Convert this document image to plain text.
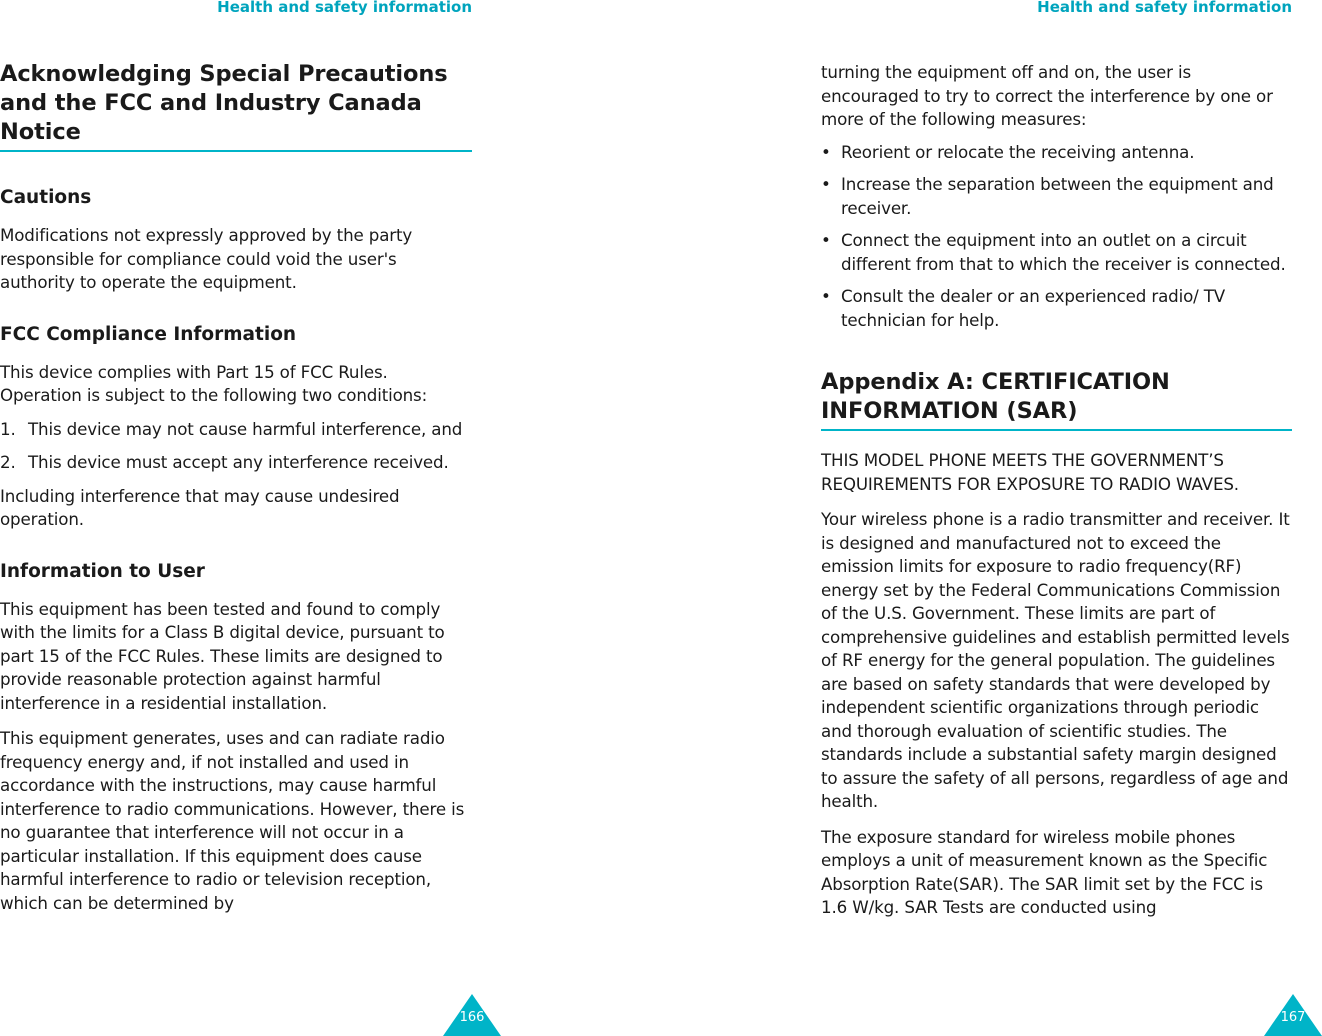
Health and safety information
Acknowledging Special Precautions and the FCC and Industry Canada Notice
Cautions

Modifications not expressly approved by the party responsible for compliance could void the user's authority to operate the equipment.

FCC Compliance Information

This device complies with Part 15 of FCC Rules. Operation is subject to the following two conditions:

1. This device may not cause harmful interference, and
2. This device must accept any interference received.

Including interference that may cause undesired operation.

Information to User

This equipment has been tested and found to comply with the limits for a Class B digital device, pursuant to part 15 of the FCC Rules. These limits are designed to provide reasonable protection against harmful interference in a residential installation.

This equipment generates, uses and can radiate radio frequency energy and, if not installed and used in accordance with the instructions, may cause harmful interference to radio communications. However, there is no guarantee that interference will not occur in a particular installation. If this equipment does cause harmful interference to radio or television reception, which can be determined by

166
Health and safety information

turning the equipment off and on, the user is encouraged to try to correct the interference by one or more of the following measures:

• Reorient or relocate the receiving antenna.
• Increase the separation between the equipment and receiver.
• Connect the equipment into an outlet on a circuit different from that to which the receiver is connected.
• Consult the dealer or an experienced radio/ TV technician for help.
Appendix A: CERTIFICATION INFORMATION (SAR)

THIS MODEL PHONE MEETS THE GOVERNMENT’S REQUIREMENTS FOR EXPOSURE TO RADIO WAVES.

Your wireless phone is a radio transmitter and receiver. It is designed and manufactured not to exceed the emission limits for exposure to radio frequency(RF) energy set by the Federal Communications Commission of the U.S. Government. These limits are part of comprehensive guidelines and establish permitted levels of RF energy for the general population. The guidelines are based on safety standards that were developed by independent scientific organizations through periodic and thorough evaluation of scientific studies. The standards include a substantial safety margin designed to assure the safety of all persons, regardless of age and health.

The exposure standard for wireless mobile phones employs a unit of measurement known as the Specific Absorption Rate(SAR). The SAR limit set by the FCC is 1.6 W/kg. SAR Tests are conducted using

167
